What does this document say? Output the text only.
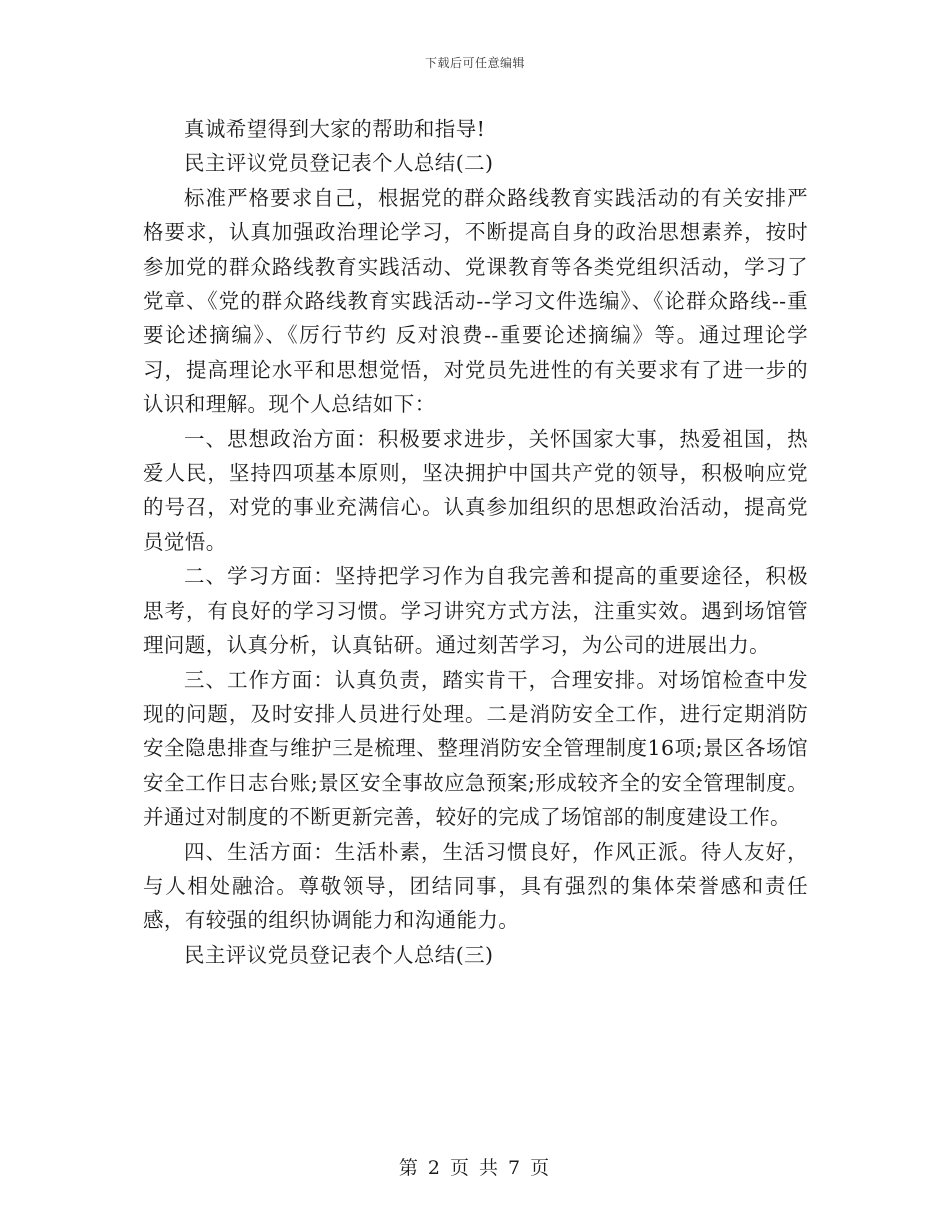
下载后可任意编辑

真诚希望得到大家的帮助和指导!

民主评议党员登记表个人总结(二)

标准严格要求自己，根据党的群众路线教育实践活动的有关安排严格要求，认真加强政治理论学习，不断提高自身的政治思想素养，按时参加党的群众路线教育实践活动、党课教育等各类党组织活动，学习了党章、《党的群众路线教育实践活动--学习文件选编》、《论群众路线--重要论述摘编》、《厉行节约 反对浪费--重要论述摘编》等。通过理论学习，提高理论水平和思想觉悟，对党员先进性的有关要求有了进一步的认识和理解。现个人总结如下：

一、思想政治方面：积极要求进步，关怀国家大事，热爱祖国，热爱人民，坚持四项基本原则，坚决拥护中国共产党的领导，积极响应党的号召，对党的事业充满信心。认真参加组织的思想政治活动，提高党员觉悟。

二、学习方面：坚持把学习作为自我完善和提高的重要途径，积极思考，有良好的学习习惯。学习讲究方式方法，注重实效。遇到场馆管理问题，认真分析，认真钻研。通过刻苦学习，为公司的进展出力。

三、工作方面：认真负责，踏实肯干，合理安排。对场馆检查中发现的问题，及时安排人员进行处理。二是消防安全工作，进行定期消防安全隐患排查与维护三是梳理、整理消防安全管理制度16项;景区各场馆安全工作日志台账;景区安全事故应急预案;形成较齐全的安全管理制度。并通过对制度的不断更新完善，较好的完成了场馆部的制度建设工作。

四、生活方面：生活朴素，生活习惯良好，作风正派。待人友好，与人相处融洽。尊敬领导，团结同事，具有强烈的集体荣誉感和责任感，有较强的组织协调能力和沟通能力。

民主评议党员登记表个人总结(三)

第 2 页 共 7 页
